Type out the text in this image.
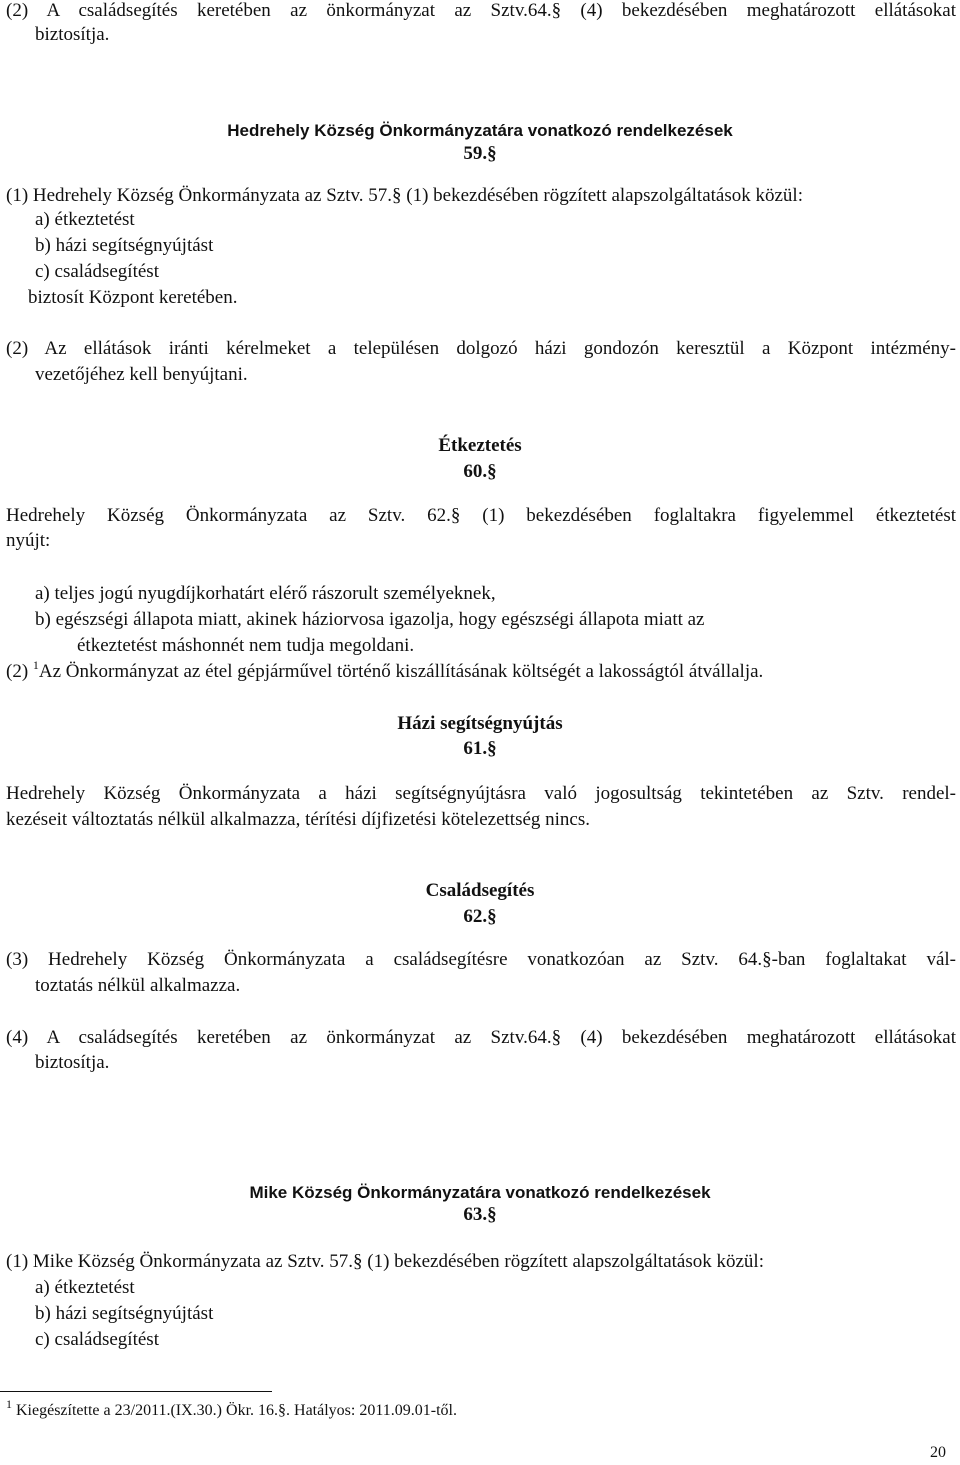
(2) A családsegítés keretében az önkormányzat az Sztv.64.§ (4) bekezdésében meghatározott ellátásokat
biztosítja.
Hedrehely Község Önkormányzatára vonatkozó rendelkezések
59.§
(1) Hedrehely Község Önkormányzata az Sztv. 57.§ (1) bekezdésében rögzített alapszolgáltatások közül:
a) étkeztetést
b) házi segítségnyújtást
c) családsegítést
biztosít Központ keretében.
(2) Az ellátások iránti kérelmeket a településen dolgozó házi gondozón keresztül a Központ intézmény-
vezetőjéhez kell benyújtani.
Étkeztetés
60.§
Hedrehely Község Önkormányzata az Sztv. 62.§ (1) bekezdésében foglaltakra figyelemmel étkeztetést
nyújt:
a) teljes jogú nyugdíjkorhatárt elérő rászorult személyeknek,
b) egészségi állapota miatt, akinek háziorvosa igazolja, hogy egészségi állapota miatt az
étkeztetést máshonnét nem tudja megoldani.
(2) $^1$Az Önkormányzat az étel gépjárművel történő kiszállításának költségét a lakosságtól átvállalja.
Házi segítségnyújtás
61.§
Hedrehely Község Önkormányzata a házi segítségnyújtásra való jogosultság tekintetében az Sztv. rendel-
kezéseit változtatás nélkül alkalmazza, térítési díjfizetési kötelezettség nincs.
Családsegítés
62.§
(3) Hedrehely Község Önkormányzata a családsegítésre vonatkozóan az Sztv. 64.§-ban foglaltakat vál-
toztatás nélkül alkalmazza.
(4) A családsegítés keretében az önkormányzat az Sztv.64.§ (4) bekezdésében meghatározott ellátásokat
biztosítja.
Mike Község Önkormányzatára vonatkozó rendelkezések
63.§
(1) Mike Község Önkormányzata az Sztv. 57.§ (1) bekezdésében rögzített alapszolgáltatások közül:
a) étkeztetést
b) házi segítségnyújtást
c) családsegítést
$^1$ Kiegészítette a 23/2011.(IX.30.) Ökr. 16.§. Hatályos: 2011.09.01-től.
20
